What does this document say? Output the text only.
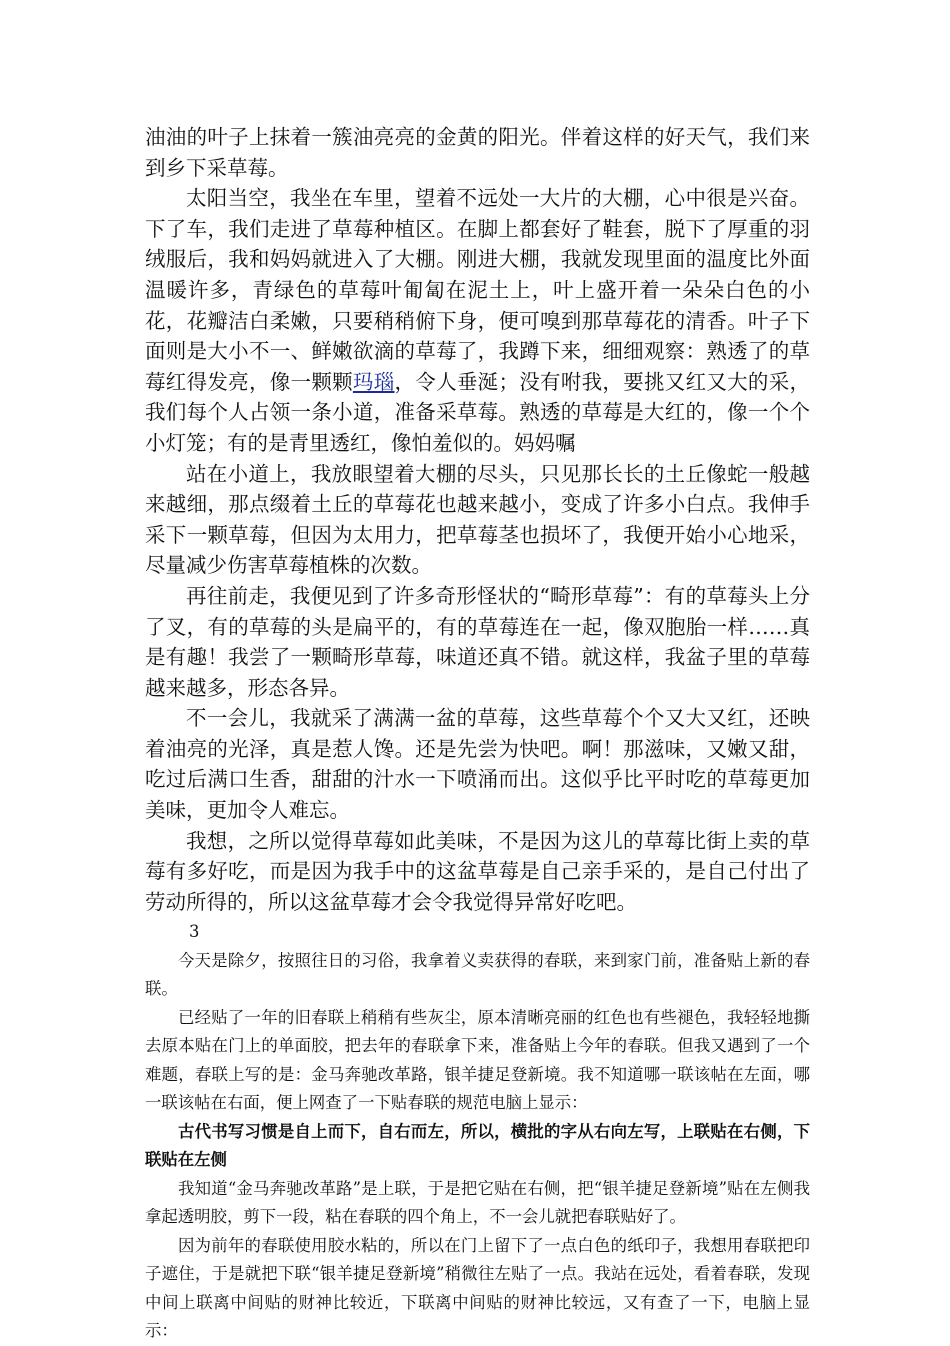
油油的叶子上抹着一簇油亮亮的金黄的阳光。伴着这样的好天气，我们来到乡下采草莓。

太阳当空，我坐在车里，望着不远处一大片的大棚，心中很是兴奋。下了车，我们走进了草莓种植区。在脚上都套好了鞋套，脱下了厚重的羽绒服后，我和妈妈就进入了大棚。刚进大棚，我就发现里面的温度比外面温暖许多，青绿色的草莓叶匍匐在泥土上，叶上盛开着一朵朵白色的小花，花瓣洁白柔嫩，只要稍稍俯下身，便可嗅到那草莓花的清香。叶子下面则是大小不一、鲜嫩欲滴的草莓了，我蹲下来，细细观察：熟透了的草莓红得发亮，像一颗颗玛瑙，令人垂涎；没有咐我，要挑又红又大的采，我们每个人占领一条小道，准备采草莓。熟透的草莓是大红的，像一个个小灯笼；有的是青里透红，像怕羞似的。妈妈嘱

站在小道上，我放眼望着大棚的尽头，只见那长长的土丘像蛇一般越来越细，那点缀着土丘的草莓花也越来越小，变成了许多小白点。我伸手采下一颗草莓，但因为太用力，把草莓茎也损坏了，我便开始小心地采，尽量减少伤害草莓植株的次数。

再往前走，我便见到了许多奇形怪状的“畸形草莓”：有的草莓头上分了叉，有的草莓的头是扁平的，有的草莓连在一起，像双胞胎一样……真是有趣！我尝了一颗畸形草莓，味道还真不错。就这样，我盆子里的草莓越来越多，形态各异。

不一会儿，我就采了满满一盆的草莓，这些草莓个个又大又红，还映着油亮的光泽，真是惹人馋。还是先尝为快吧。啊！那滋味，又嫩又甜，吃过后满口生香，甜甜的汁水一下喷涌而出。这似乎比平时吃的草莓更加美味，更加令人难忘。

我想，之所以觉得草莓如此美味，不是因为这儿的草莓比街上卖的草莓有多好吃，而是因为我手中的这盆草莓是自己亲手采的，是自己付出了劳动所得的，所以这盆草莓才会令我觉得异常好吃吧。

3

今天是除夕，按照往日的习俗，我拿着义卖获得的春联，来到家门前，准备贴上新的春联。

已经贴了一年的旧春联上稍稍有些灰尘，原本清晰亮丽的红色也有些褪色，我轻轻地撕去原本贴在门上的单面胶，把去年的春联拿下来，准备贴上今年的春联。但我又遇到了一个难题，春联上写的是：金马奔驰改革路，银羊捷足登新境。我不知道哪一联该帖在左面，哪一联该帖在右面，便上网查了一下贴春联的规范电脑上显示：

古代书写习惯是自上而下，自右而左，所以，横批的字从右向左写，上联贴在右侧，下联贴在左侧

我知道“金马奔驰改革路”是上联，于是把它贴在右侧，把“银羊捷足登新境”贴在左侧我拿起透明胶，剪下一段，粘在春联的四个角上，不一会儿就把春联贴好了。

因为前年的春联使用胶水粘的，所以在门上留下了一点白色的纸印子，我想用春联把印子遮住，于是就把下联“银羊捷足登新境”稍微往左贴了一点。我站在远处，看着春联，发现中间上联离中间贴的财神比较近，下联离中间贴的财神比较远，又有查了一下，电脑上显示：
